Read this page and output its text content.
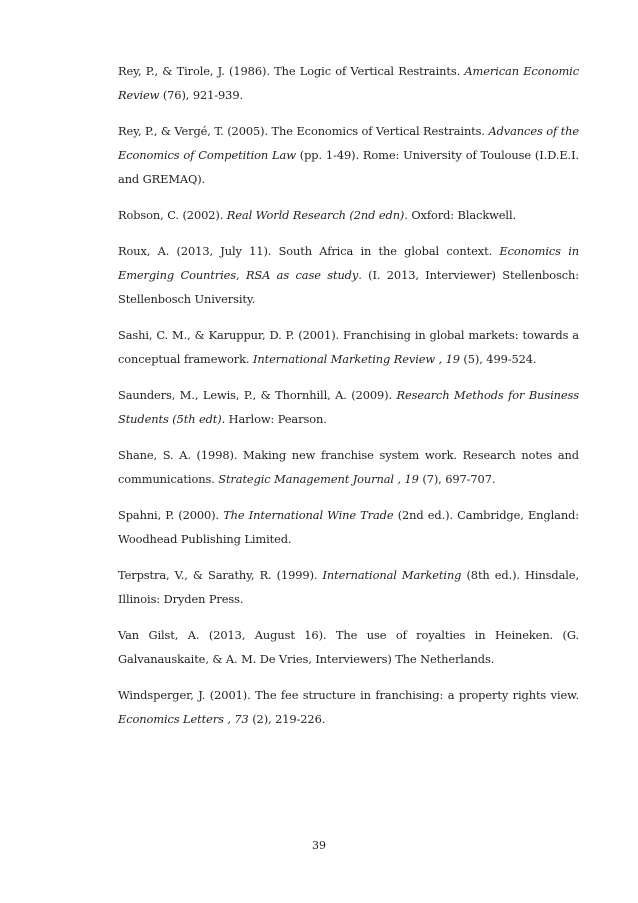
Rey, P., & Tirole, J. (1986). The Logic of Vertical Restraints. American Economic Review (76), 921-939.

Rey, P., & Vergé, T. (2005). The Economics of Vertical Restraints. Advances of the Economics of Competition Law (pp. 1-49). Rome: University of Toulouse (I.D.E.I. and GREMAQ).

Robson, C. (2002). Real World Research (2nd edn). Oxford: Blackwell.

Roux, A. (2013, July 11). South Africa in the global context. Economics in Emerging Countries, RSA as case study. (I. 2013, Interviewer) Stellenbosch: Stellenbosch University.

Sashi, C. M., & Karuppur, D. P. (2001). Franchising in global markets: towards a conceptual framework. International Marketing Review , 19 (5), 499-524.

Saunders, M., Lewis, P., & Thornhill, A. (2009). Research Methods for Business Students (5th edt). Harlow: Pearson.

Shane, S. A. (1998). Making new franchise system work. Research notes and communications. Strategic Management Journal , 19 (7), 697-707.

Spahni, P. (2000). The International Wine Trade (2nd ed.). Cambridge, England: Woodhead Publishing Limited.

Terpstra, V., & Sarathy, R. (1999). International Marketing (8th ed.). Hinsdale, Illinois: Dryden Press.

Van Gilst, A. (2013, August 16). The use of royalties in Heineken. (G. Galvanauskaite, & A. M. De Vries, Interviewers) The Netherlands.

Windsperger, J. (2001). The fee structure in franchising: a property rights view. Economics Letters , 73 (2), 219-226.

39
